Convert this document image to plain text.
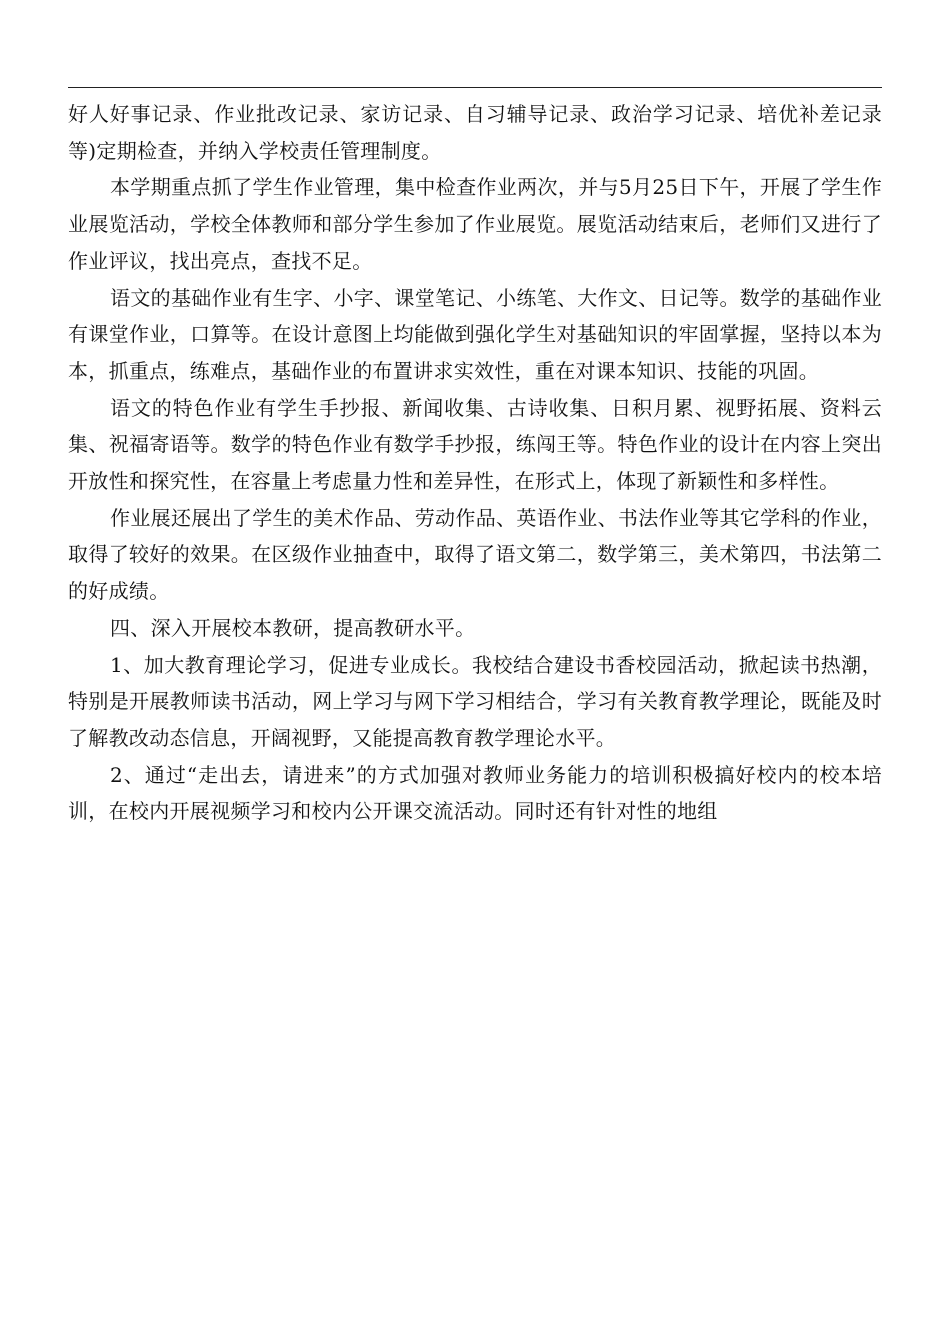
好人好事记录、作业批改记录、家访记录、自习辅导记录、政治学习记录、培优补差记录等)定期检查，并纳入学校责任管理制度。

本学期重点抓了学生作业管理，集中检查作业两次，并与5月25日下午，开展了学生作业展览活动，学校全体教师和部分学生参加了作业展览。展览活动结束后，老师们又进行了作业评议，找出亮点，查找不足。

语文的基础作业有生字、小字、课堂笔记、小练笔、大作文、日记等。数学的基础作业有课堂作业，口算等。在设计意图上均能做到强化学生对基础知识的牢固掌握，坚持以本为本，抓重点，练难点，基础作业的布置讲求实效性，重在对课本知识、技能的巩固。

语文的特色作业有学生手抄报、新闻收集、古诗收集、日积月累、视野拓展、资料云集、祝福寄语等。数学的特色作业有数学手抄报，练闯王等。特色作业的设计在内容上突出开放性和探究性，在容量上考虑量力性和差异性，在形式上，体现了新颖性和多样性。

作业展还展出了学生的美术作品、劳动作品、英语作业、书法作业等其它学科的作业，取得了较好的效果。在区级作业抽查中，取得了语文第二，数学第三，美术第四，书法第二的好成绩。

四、深入开展校本教研，提高教研水平。

1、加大教育理论学习，促进专业成长。我校结合建设书香校园活动，掀起读书热潮，特别是开展教师读书活动，网上学习与网下学习相结合，学习有关教育教学理论，既能及时了解教改动态信息，开阔视野，又能提高教育教学理论水平。

2、通过“走出去，请进来”的方式加强对教师业务能力的培训积极搞好校内的校本培训，在校内开展视频学习和校内公开课交流活动。同时还有针对性的地组
